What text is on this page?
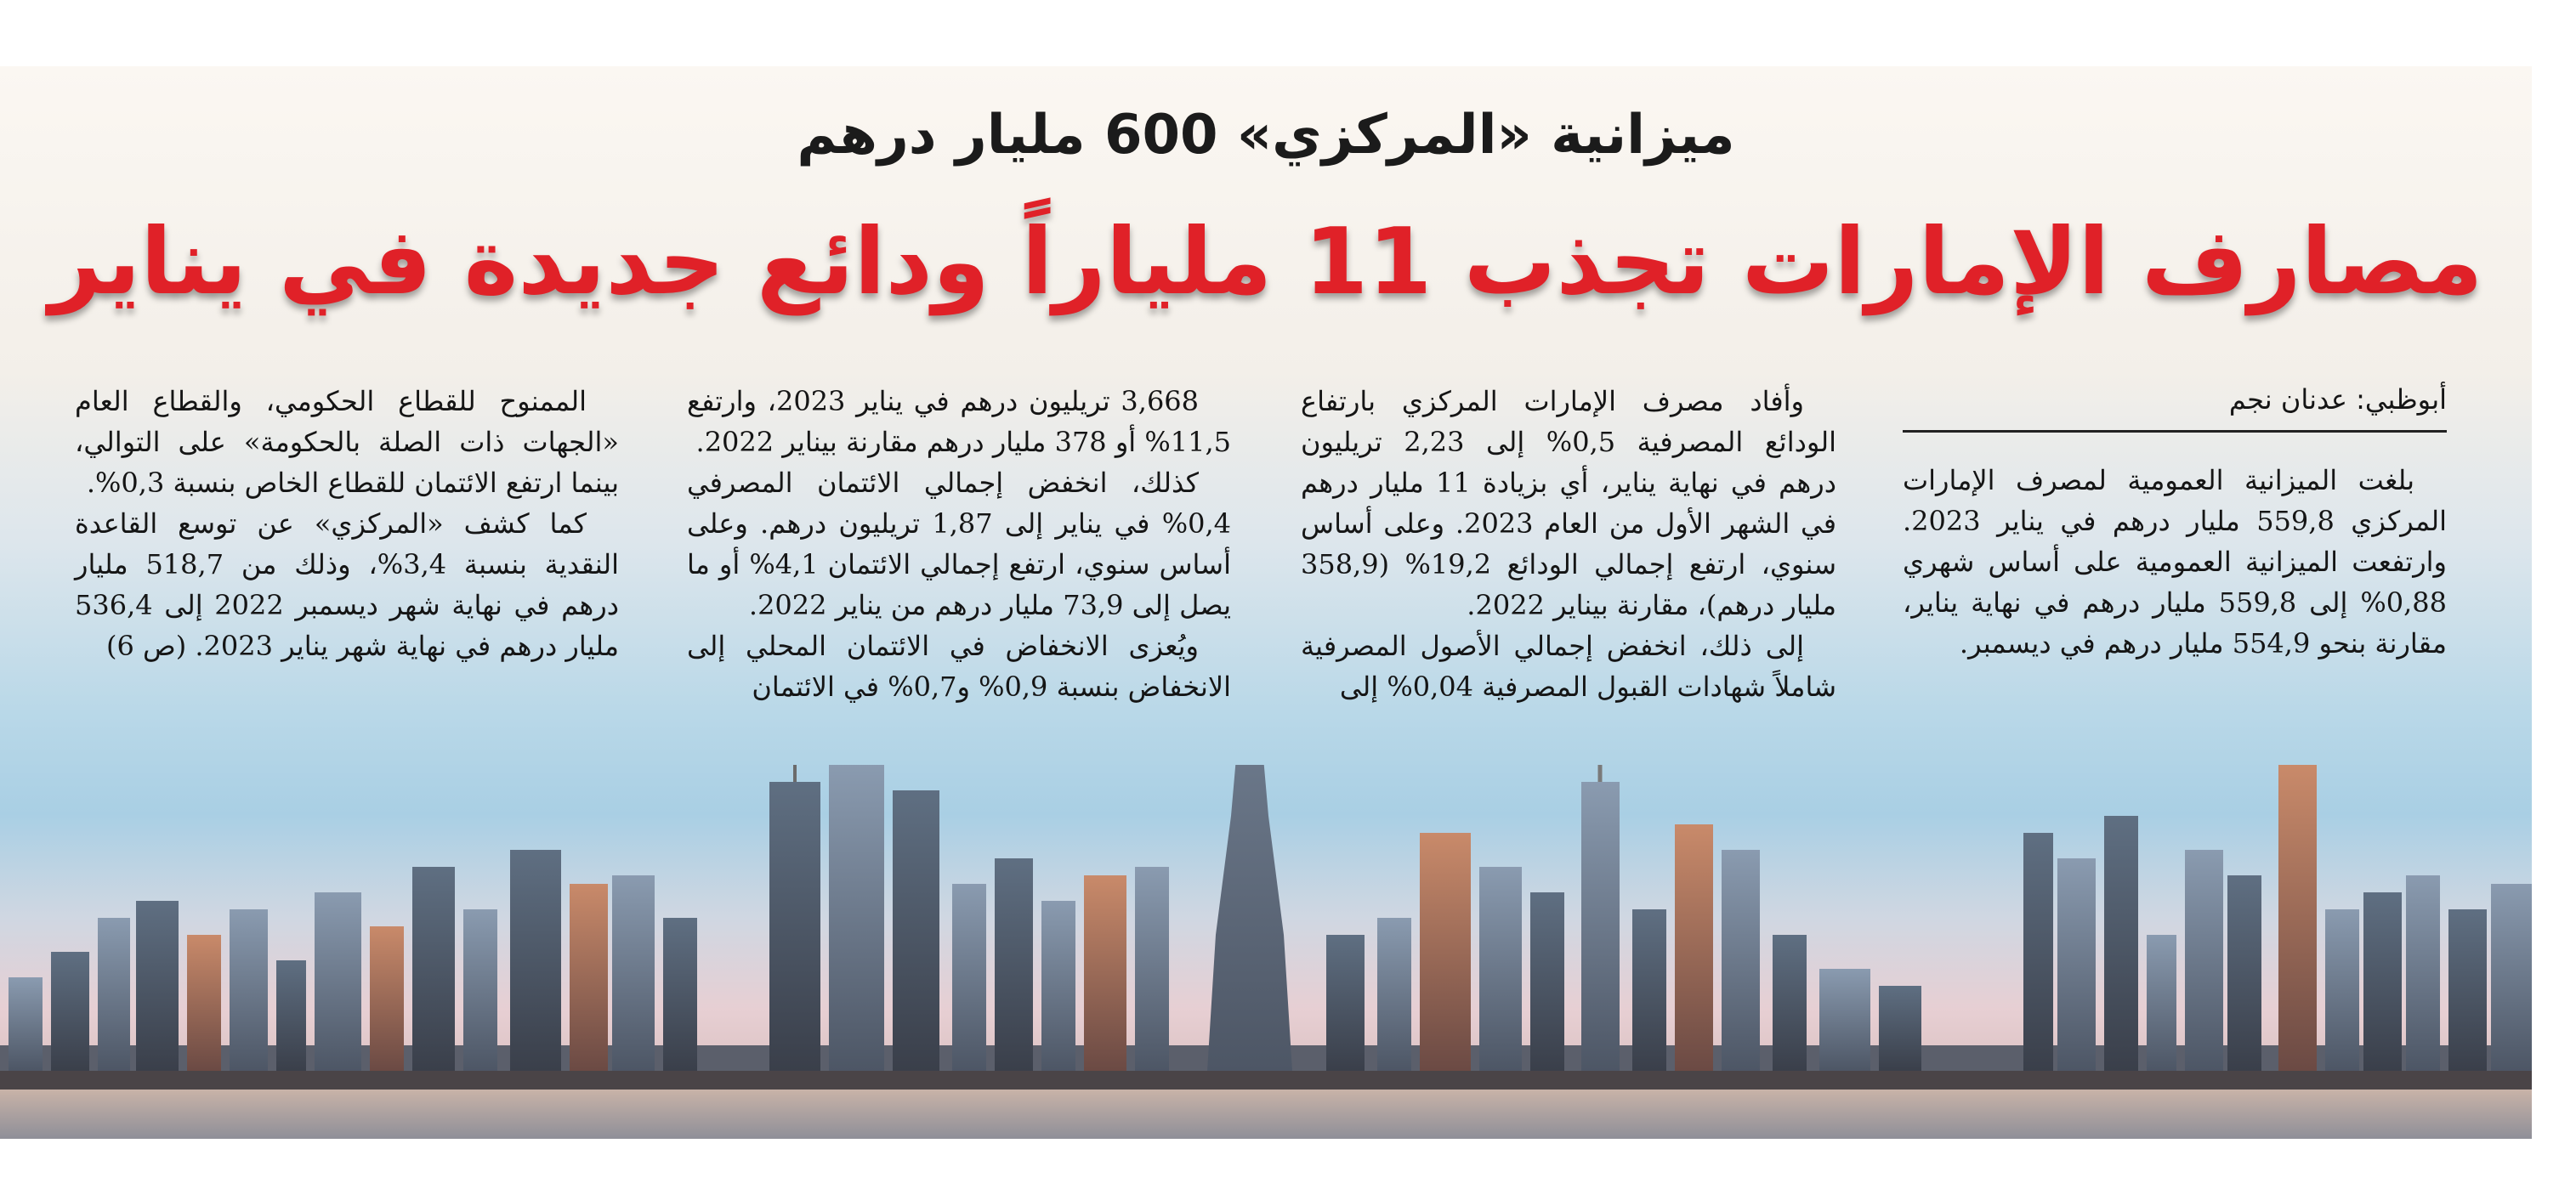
ميزانية «المركزي» 600 مليار درهم
مصارف الإمارات تجذب 11 ملياراً ودائع جديدة في يناير
أبوظبي: عدنان نجم

بلغت الميزانية العمومية لمصرف الإمارات المركزي 559,8 مليار درهم في يناير 2023. وارتفعت الميزانية العمومية على أساس شهري 0,88% إلى 559,8 مليار درهم في نهاية يناير، مقارنة بنحو 554,9 مليار درهم في ديسمبر.

وأفاد مصرف الإمارات المركزي بارتفاع الودائع المصرفية 0,5% إلى 2,23 تريليون درهم في نهاية يناير، أي بزيادة 11 مليار درهم في الشهر الأول من العام 2023. وعلى أساس سنوي، ارتفع إجمالي الودائع 19,2% (358,9 مليار درهم)، مقارنة بيناير 2022.

إلى ذلك، انخفض إجمالي الأصول المصرفية شاملاً شهادات القبول المصرفية 0,04% إلى

3,668 تريليون درهم في يناير 2023، وارتفع 11,5% أو 378 مليار درهم مقارنة بيناير 2022.

كذلك، انخفض إجمالي الائتمان المصرفي 0,4% في يناير إلى 1,87 تريليون درهم. وعلى أساس سنوي، ارتفع إجمالي الائتمان 4,1% أو ما يصل إلى 73,9 مليار درهم من يناير 2022.

ويُعزى الانخفاض في الائتمان المحلي إلى الانخفاض بنسبة 0,9% و0,7% في الائتمان

الممنوح للقطاع الحكومي، والقطاع العام «الجهات ذات الصلة بالحكومة» على التوالي، بينما ارتفع الائتمان للقطاع الخاص بنسبة 0,3%.

كما كشف «المركزي» عن توسع القاعدة النقدية بنسبة 3,4%، وذلك من 518,7 مليار درهم في نهاية شهر ديسمبر 2022 إلى 536,4 مليار درهم في نهاية شهر يناير 2023. (ص 6)
